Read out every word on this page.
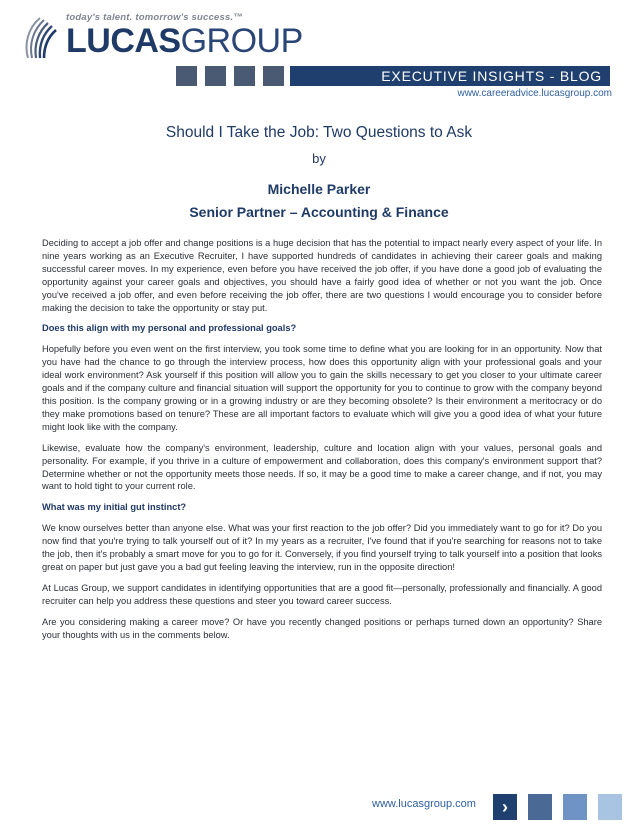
today's talent. tomorrow's success.™
LUCASGROUP
EXECUTIVE INSIGHTS - BLOG
www.careeradvice.lucasgroup.com
Should I Take the Job: Two Questions to Ask
by
Michelle Parker
Senior Partner – Accounting & Finance

Deciding to accept a job offer and change positions is a huge decision that has the potential to impact nearly every aspect of your life. In nine years working as an Executive Recruiter, I have supported hundreds of candidates in achieving their career goals and making successful career moves. In my experience, even before you have received the job offer, if you have done a good job of evaluating the opportunity against your career goals and objectives, you should have a fairly good idea of whether or not you want the job. Once you've received a job offer, and even before receiving the job offer, there are two questions I would encourage you to consider before making the decision to take the opportunity or stay put.

Does this align with my personal and professional goals?

Hopefully before you even went on the first interview, you took some time to define what you are looking for in an opportunity. Now that you have had the chance to go through the interview process, how does this opportunity align with your professional goals and your ideal work environment? Ask yourself if this position will allow you to gain the skills necessary to get you closer to your ultimate career goals and if the company culture and financial situation will support the opportunity for you to continue to grow with the company beyond this position. Is the company growing or in a growing industry or are they becoming obsolete? Is their environment a meritocracy or do they make promotions based on tenure? These are all important factors to evaluate which will give you a good idea of what your future might look like with the company.

Likewise, evaluate how the company's environment, leadership, culture and location align with your values, personal goals and personality. For example, if you thrive in a culture of empowerment and collaboration, does this company's environment support that? Determine whether or not the opportunity meets those needs. If so, it may be a good time to make a career change, and if not, you may want to hold tight to your current role.

What was my initial gut instinct?

We know ourselves better than anyone else. What was your first reaction to the job offer? Did you immediately want to go for it? Do you now find that you're trying to talk yourself out of it? In my years as a recruiter, I've found that if you're searching for reasons not to take the job, then it's probably a smart move for you to go for it. Conversely, if you find yourself trying to talk yourself into a position that looks great on paper but just gave you a bad gut feeling leaving the interview, run in the opposite direction!

At Lucas Group, we support candidates in identifying opportunities that are a good fit—personally, professionally and financially. A good recruiter can help you address these questions and steer you toward career success.

Are you considering making a career move? Or have you recently changed positions or perhaps turned down an opportunity? Share your thoughts with us in the comments below.

www.lucasgroup.com	›
